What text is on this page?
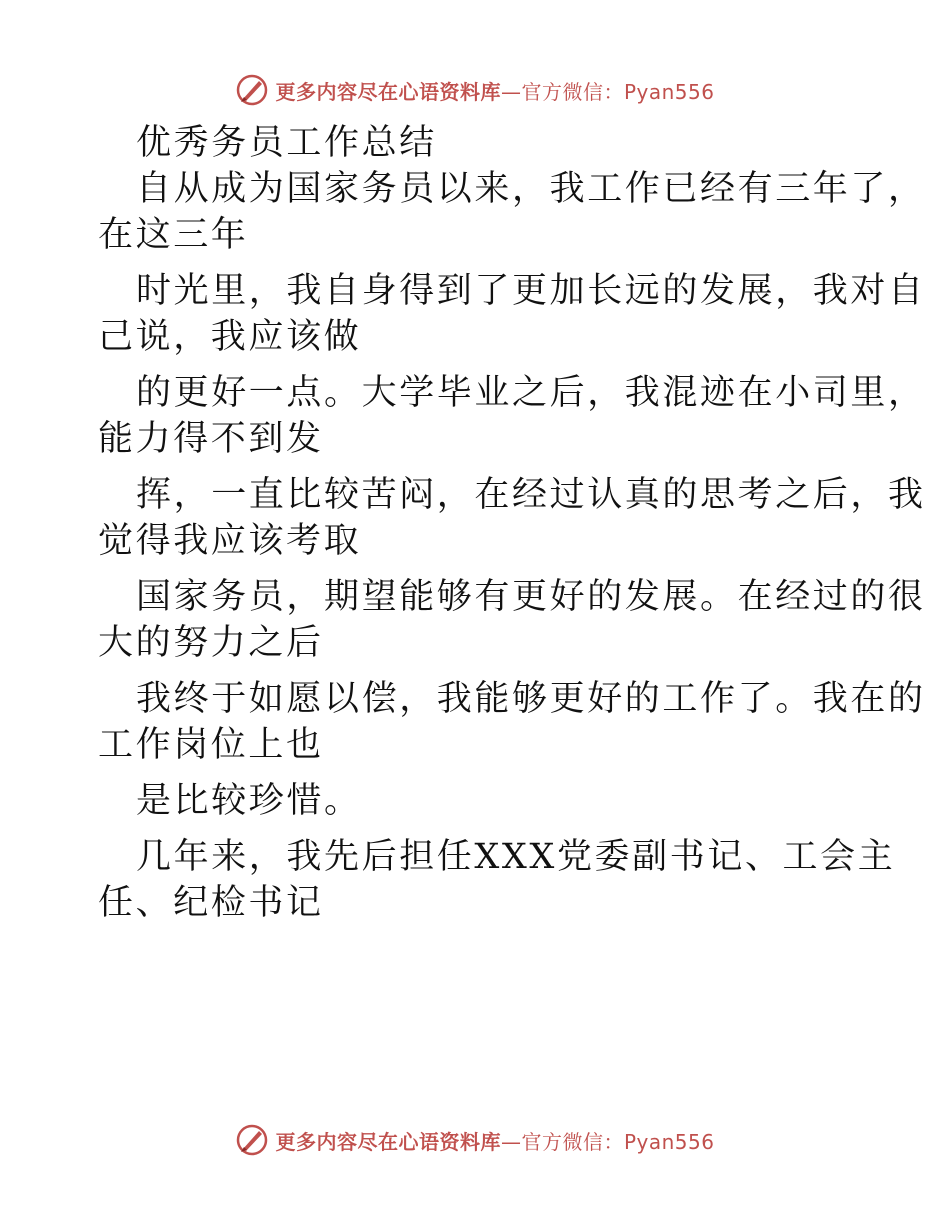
更多内容尽在心语资料库—官方微信：Pyan556

优秀务员工作总结

自从成为国家务员以来，我工作已经有三年了，

在这三年

时光里，我自身得到了更加长远的发展，我对自

己说，我应该做

的更好一点。大学毕业之后，我混迹在小司里，

能力得不到发

挥，一直比较苦闷，在经过认真的思考之后，我

觉得我应该考取

国家务员，期望能够有更好的发展。在经过的很

大的努力之后

我终于如愿以偿，我能够更好的工作了。我在的

工作岗位上也

是比较珍惜。

几年来，我先后担任XXX党委副书记、工会主

任、纪检书记

更多内容尽在心语资料库—官方微信：Pyan556
